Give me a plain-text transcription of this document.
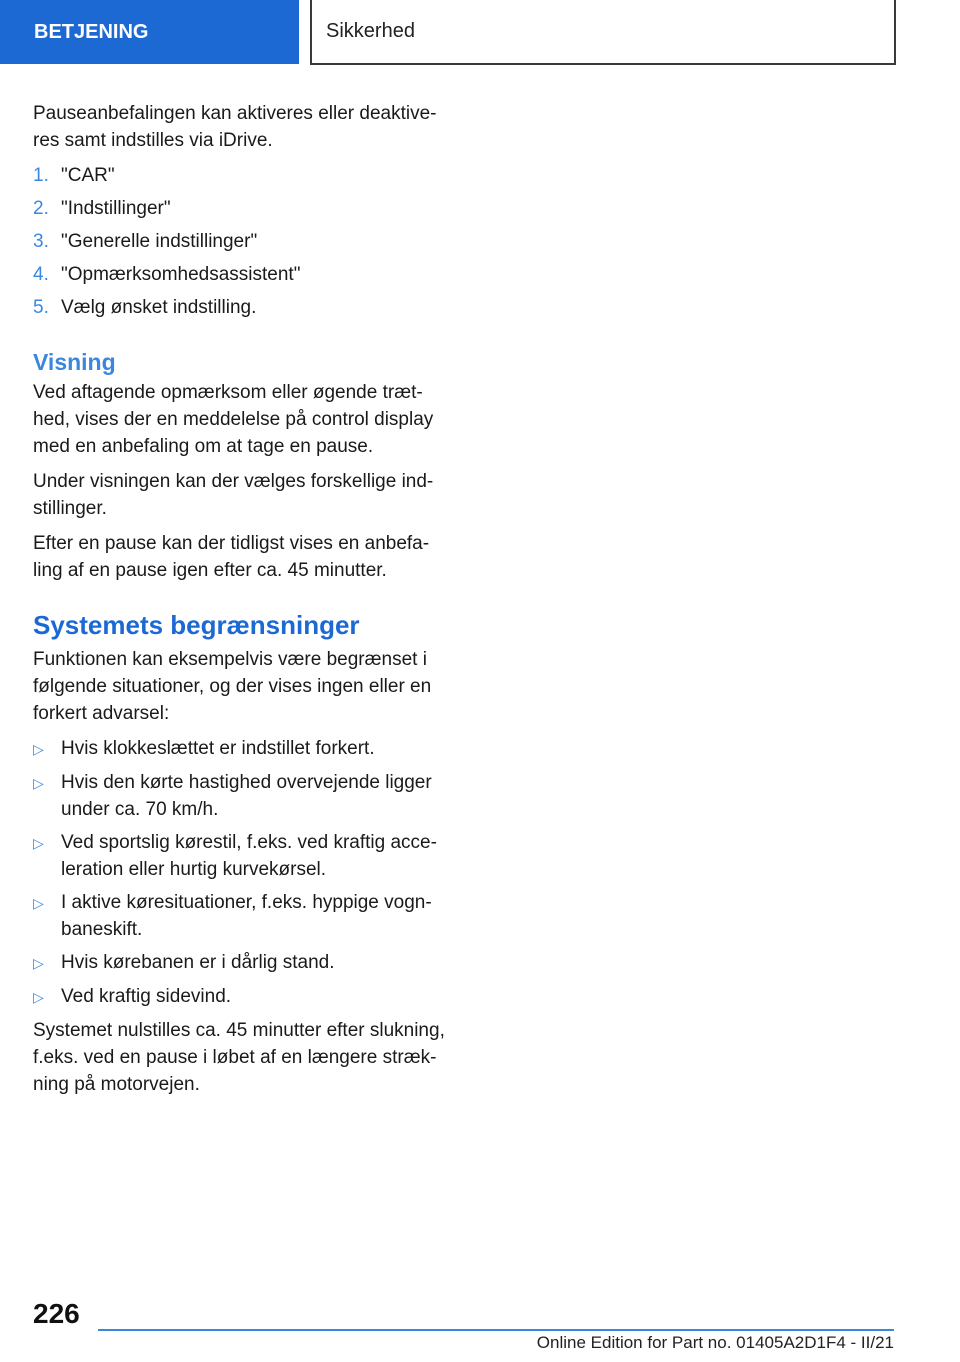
BETJENING	Sikkerhed

Pauseanbefalingen kan aktiveres eller deaktive-res samt indstilles via iDrive.

1. "CAR"
2. "Indstillinger"
3. "Generelle indstillinger"
4. "Opmærksomhedsassistent"
5. Vælg ønsket indstilling.
Visning

Ved aftagende opmærksom eller øgende træt-hed, vises der en meddelelse på control display med en anbefaling om at tage en pause.

Under visningen kan der vælges forskellige ind-stillinger.

Efter en pause kan der tidligst vises en anbefa-ling af en pause igen efter ca. 45 minutter.

Systemets begrænsninger

Funktionen kan eksempelvis være begrænset i følgende situationer, og der vises ingen eller en forkert advarsel:

▷ Hvis klokkeslættet er indstillet forkert.
▷ Hvis den kørte hastighed overvejende ligger under ca. 70 km/h.
▷ Ved sportslig kørestil, f.eks. ved kraftig acce-leration eller hurtig kurvekørsel.
▷ I aktive køresituationer, f.eks. hyppige vogn-baneskift.
▷ Hvis kørebanen er i dårlig stand.
▷ Ved kraftig sidevind.

Systemet nulstilles ca. 45 minutter efter slukning, f.eks. ved en pause i løbet af en længere stræk-ning på motorvejen.

226
Online Edition for Part no. 01405A2D1F4 - II/21
